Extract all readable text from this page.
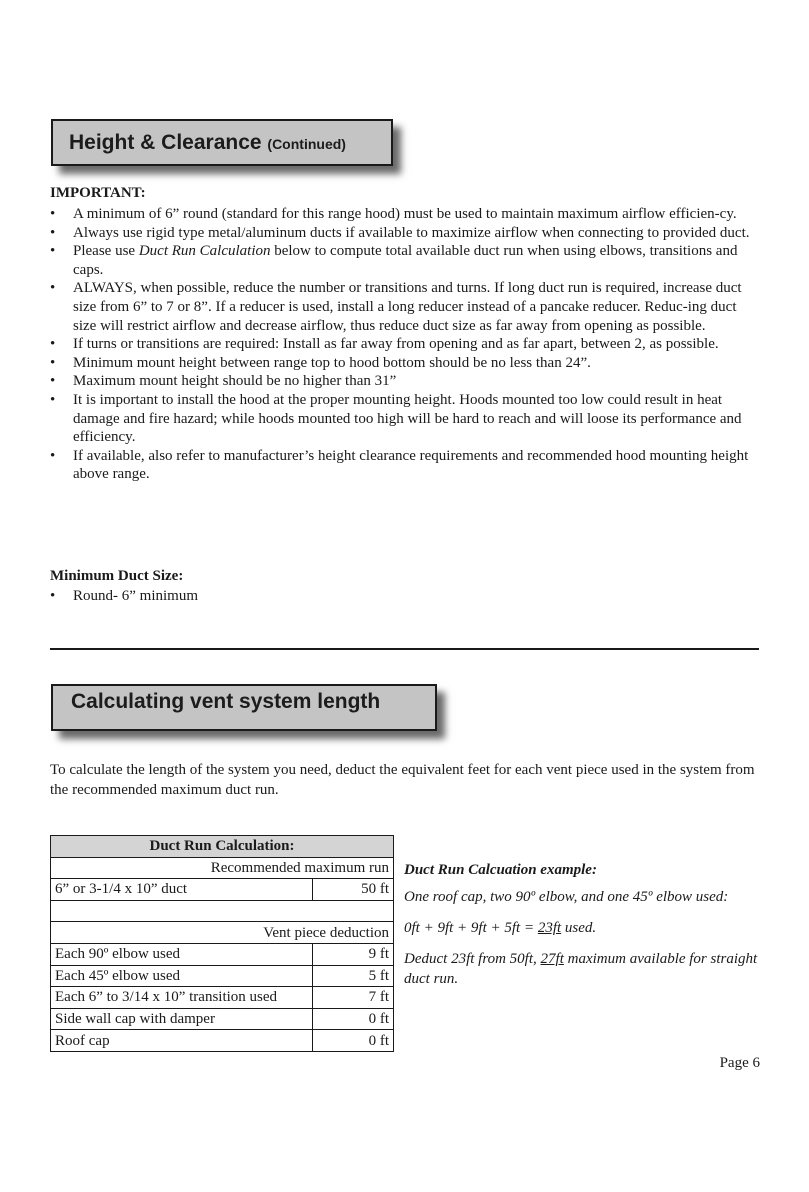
Height & Clearance (Continued)
IMPORTANT:
• A minimum of 6” round (standard for this range hood) must be used to maintain maximum airflow efficien-cy.
• Always use rigid type metal/aluminum ducts if available to maximize airflow when connecting to provided duct.
• Please use Duct Run Calculation below to compute total available duct run when using elbows, transitions and caps.
• ALWAYS, when possible, reduce the number or transitions and turns. If long duct run is required, increase duct size from 6” to 7 or 8”. If a reducer is used, install a long reducer instead of a pancake reducer. Reduc-ing duct size will restrict airflow and decrease airflow, thus reduce duct size as far away from opening as possible.
• If turns or transitions are required: Install as far away from opening and as far apart, between 2, as possible.
• Minimum mount height between range top to hood bottom should be no less than 24”.
• Maximum mount height should be no higher than 31”
• It is important to install the hood at the proper mounting height. Hoods mounted too low could result in heat damage and fire hazard; while hoods mounted too high will be hard to reach and will loose its performance and efficiency.
• If available, also refer to manufacturer’s height clearance requirements and recommended hood mounting height above range.
Minimum Duct Size:
• Round- 6” minimum
Calculating vent system length

To calculate the length of the system you need, deduct the equivalent feet for each vent piece used in the system from the recommended maximum duct run.

Duct Run Calculation:	
Recommended maximum run	
6” or 3-1/4 x 10” duct	50 ft

Vent piece deduction	
Each 90º elbow used	9 ft
Each 45º elbow used	5 ft
Each 6” to 3/14 x 10” transition used	7 ft
Side wall cap with damper	0 ft
Roof cap	0 ft

Duct Run Calcuation example:

One roof cap, two 90º elbow, and one 45º elbow used:

0ft + 9ft + 9ft + 5ft = 23ft used.

Deduct 23ft from 50ft, 27ft maximum available for straight duct run.

Page 6
